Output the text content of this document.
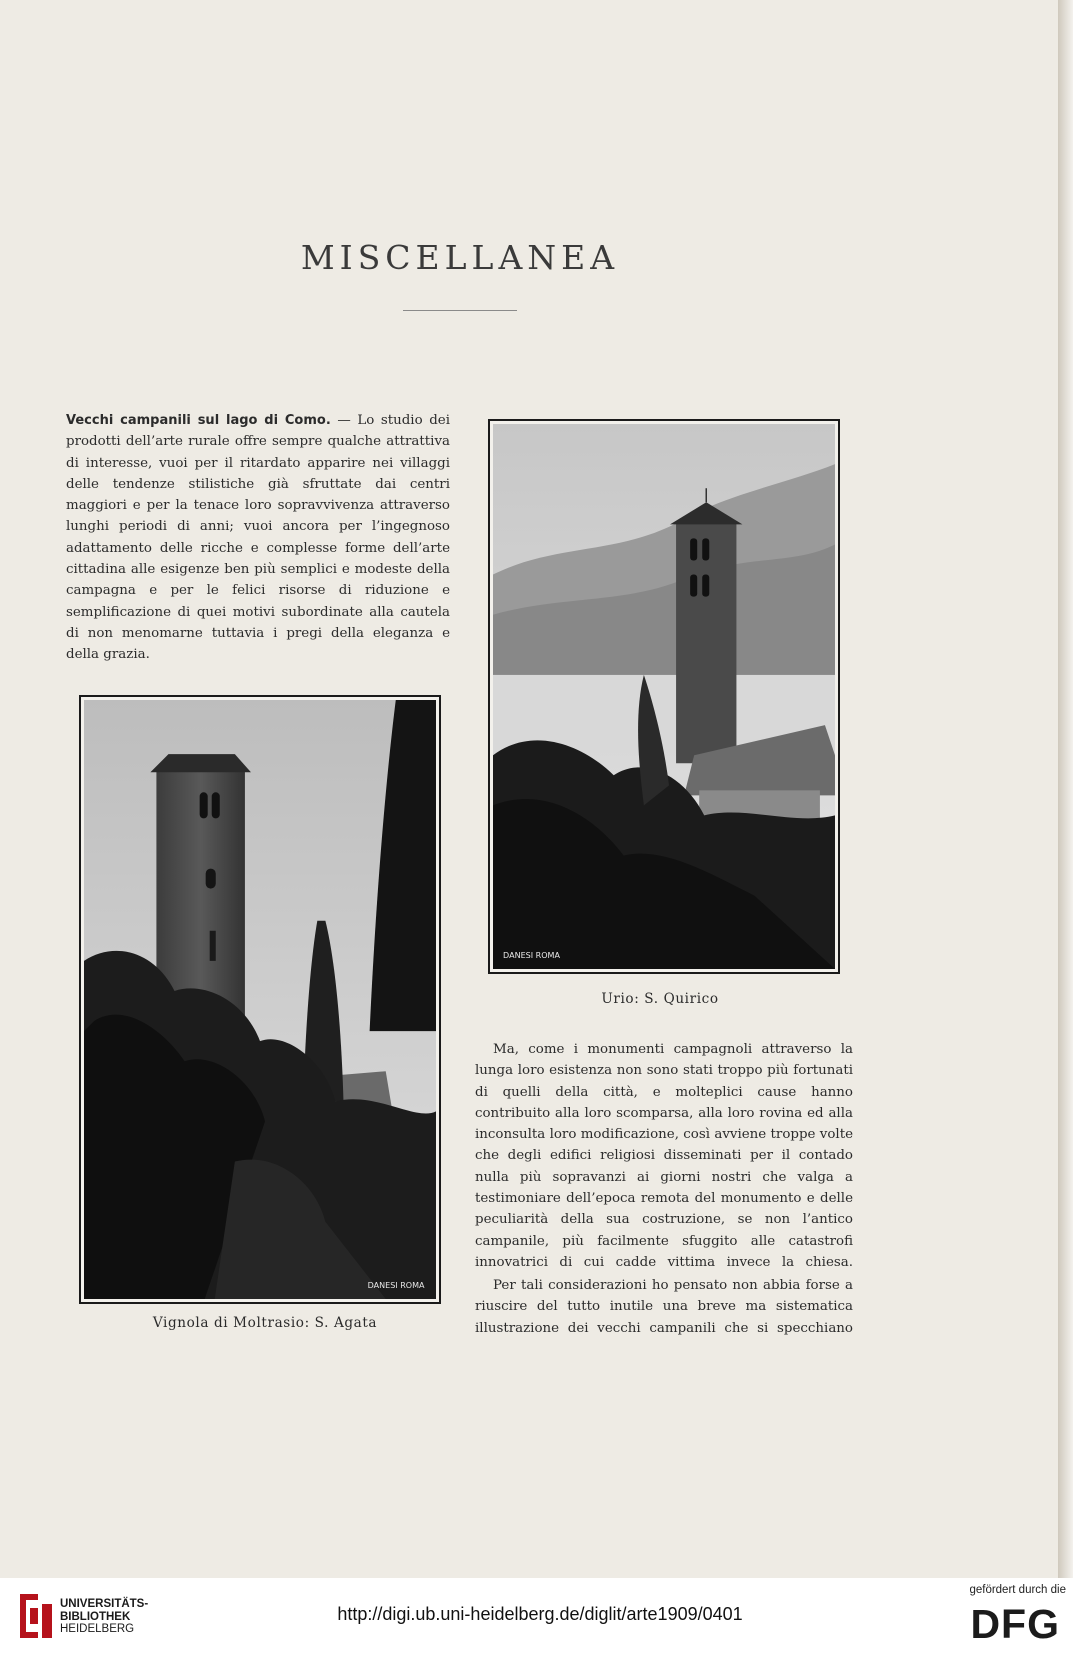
MISCELLANEA

Vecchi campanili sul lago di Como. — Lo studio dei prodotti dell’arte rurale offre sempre qualche attrattiva di interesse, vuoi per il ritardato apparire nei villaggi delle tendenze stilistiche già sfruttate dai centri maggiori e per la tenace loro sopravvivenza attraverso lunghi periodi di anni; vuoi ancora per l’ingegnoso adattamento delle ricche e complesse forme dell’arte cittadina alle esigenze ben più semplici e modeste della campagna e per le felici risorse di riduzione e semplificazione di quei motivi subordinate alla cautela di non menomarne tuttavia i pregi della eleganza e della grazia.

DANESI ROMA
Vignola di Moltrasio: S. Agata
DANESI ROMA
Urio: S. Quirico

Ma, come i monumenti campagnoli attraverso la lunga loro esistenza non sono stati troppo più fortunati di quelli della città, e molteplici cause hanno contribuito alla loro scomparsa, alla loro rovina ed alla inconsulta loro modificazione, così avviene troppe volte che degli edifici religiosi disseminati per il contado nulla più sopravanzi ai giorni nostri che valga a testimoniare dell’epoca remota del monumento e delle peculiarità della sua costruzione, se non l’antico campanile, più facilmente sfuggito alle catastrofi innovatrici di cui cadde vittima invece la chiesa.

Per tali considerazioni ho pensato non abbia forse a riuscire del tutto inutile una breve ma sistematica illustrazione dei vecchi campanili che si specchiano

UNIVERSITÄTS-
BIBLIOTHEK
HEIDELBERG
http://digi.ub.uni-heidelberg.de/diglit/arte1909/0401
gefördert durch die
DFG
